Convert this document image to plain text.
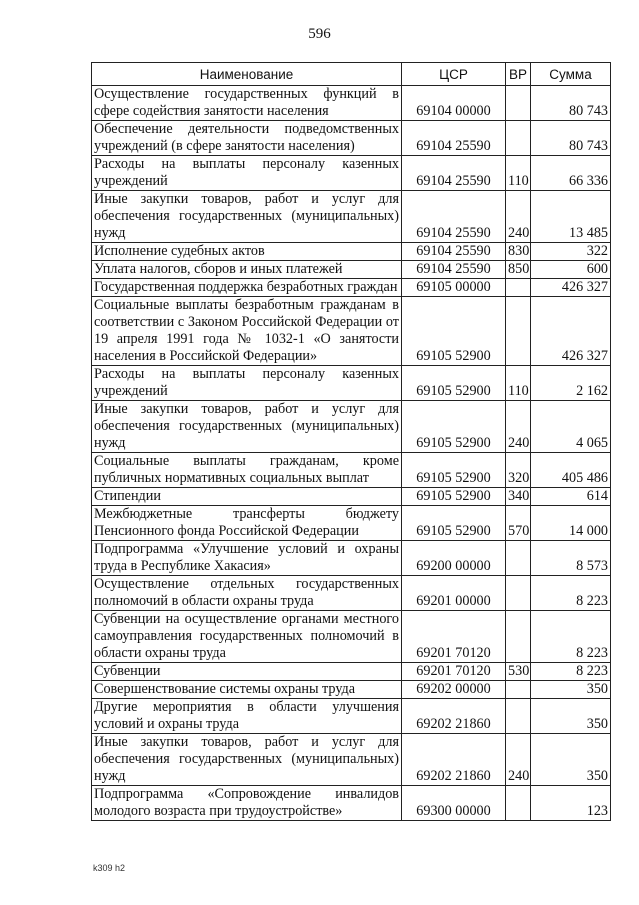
596
Наименование	ЦСР	ВР	Сумма
Осуществление государственных функций в сфере содействия занятости населения	69104 00000		80 743
Обеспечение деятельности подведомственных учреждений (в сфере занятости населения)	69104 25590		80 743
Расходы на выплаты персоналу казенных учреждений	69104 25590	110	66 336
Иные закупки товаров, работ и услуг для обеспечения государственных (муниципальных) нужд	69104 25590	240	13 485
Исполнение судебных актов	69104 25590	830	322
Уплата налогов, сборов и иных платежей	69104 25590	850	600
Государственная поддержка безработных граждан	69105 00000		426 327
Социальные выплаты безработным гражданам в соответствии с Законом Российской Федерации от 19 апреля 1991 года № 1032-1 «О занятости населения в Российской Федерации»	69105 52900		426 327
Расходы на выплаты персоналу казенных учреждений	69105 52900	110	2 162
Иные закупки товаров, работ и услуг для обеспечения государственных (муниципальных) нужд	69105 52900	240	4 065
Социальные выплаты гражданам, кроме публичных нормативных социальных выплат	69105 52900	320	405 486
Стипендии	69105 52900	340	614
Межбюджетные трансферты бюджету Пенсионного фонда Российской Федерации	69105 52900	570	14 000
Подпрограмма «Улучшение условий и охраны труда в Республике Хакасия»	69200 00000		8 573
Осуществление отдельных государственных полномочий в области охраны труда	69201 00000		8 223
Субвенции на осуществление органами местного самоуправления государственных полномочий в области охраны труда	69201 70120		8 223
Субвенции	69201 70120	530	8 223
Совершенствование системы охраны труда	69202 00000		350
Другие мероприятия в области улучшения условий и охраны труда	69202 21860		350
Иные закупки товаров, работ и услуг для обеспечения государственных (муниципальных) нужд	69202 21860	240	350
Подпрограмма «Сопровождение инвалидов молодого возраста при трудоустройстве»	69300 00000		123
k309 h2
